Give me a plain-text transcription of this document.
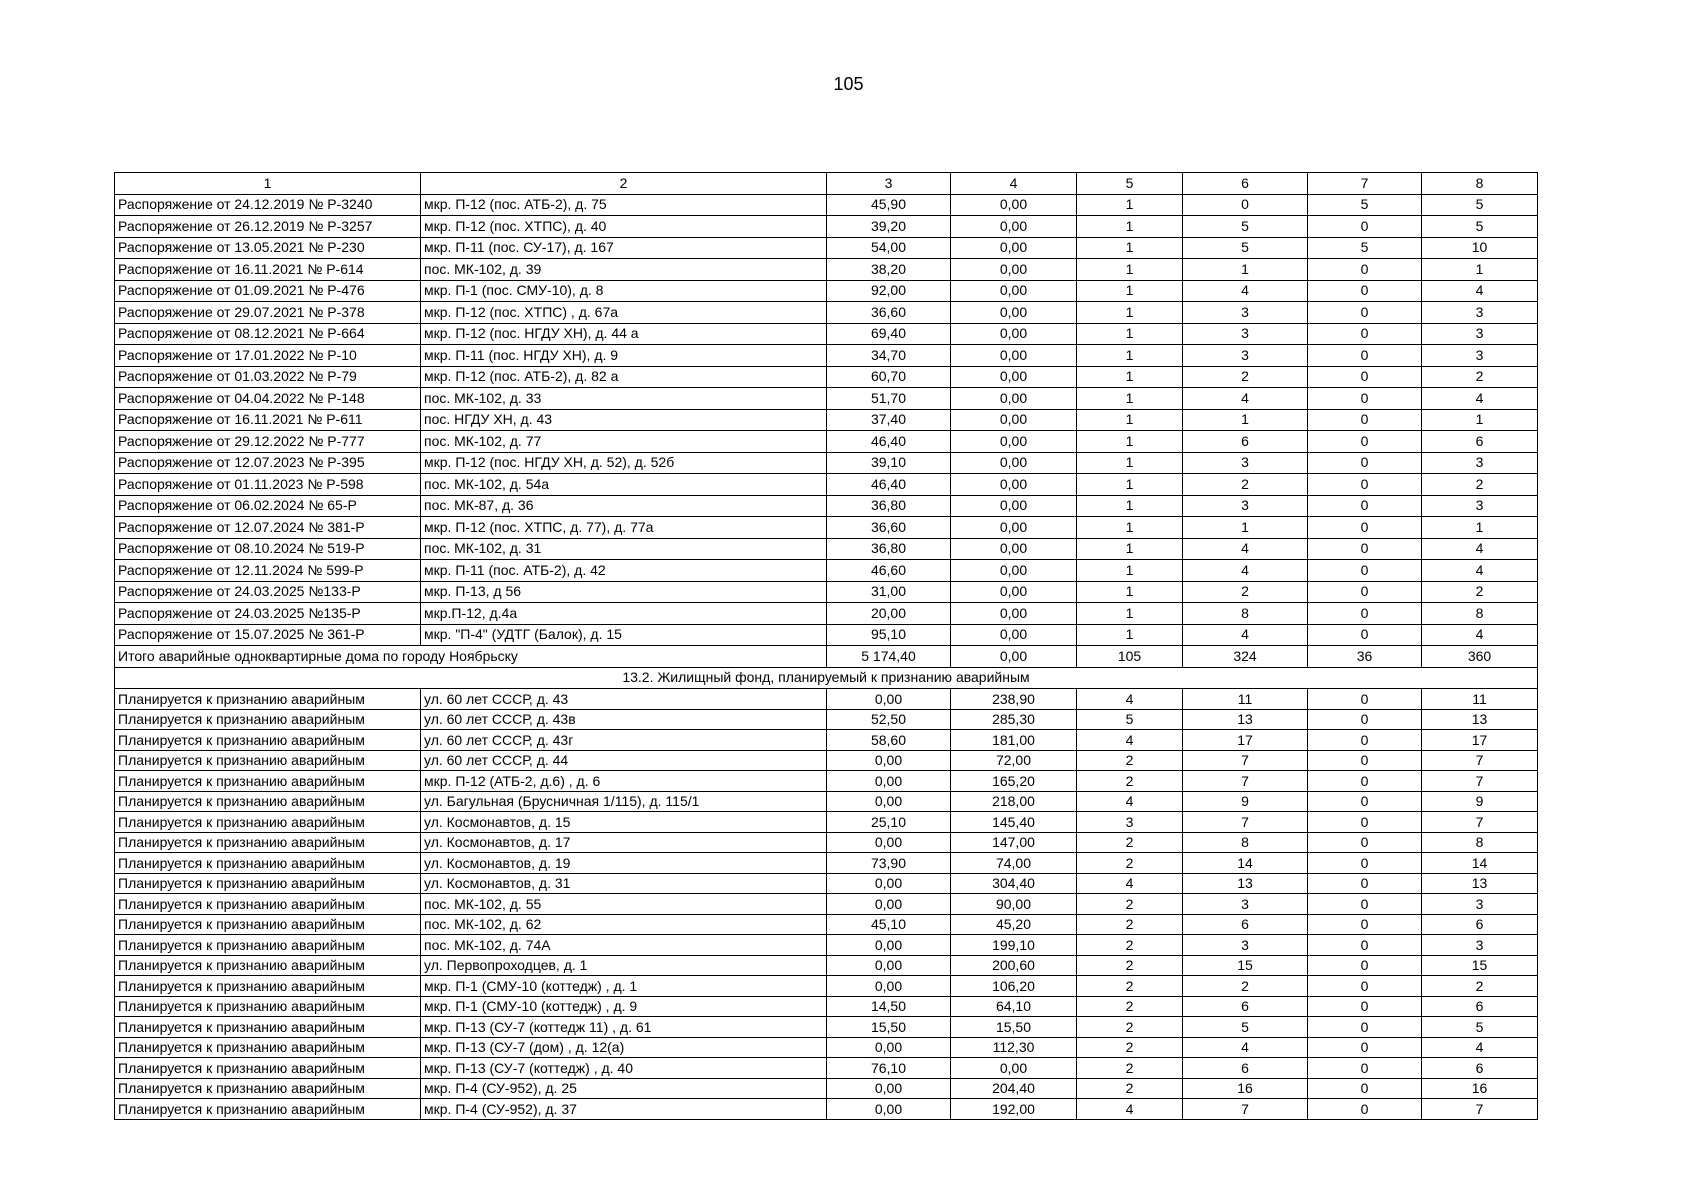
105
1	2	3	4	5	6	7	8
Распоряжение от 24.12.2019 № Р-3240	мкр. П-12 (пос. АТБ-2), д. 75	45,90	0,00	1	0	5	5
Распоряжение от 26.12.2019 № Р-3257	мкр. П-12 (пос. ХТПС), д. 40	39,20	0,00	1	5	0	5
Распоряжение от 13.05.2021 № Р-230	мкр. П-11 (пос. СУ-17), д. 167	54,00	0,00	1	5	5	10
Распоряжение от 16.11.2021 № Р-614	пос. МК-102, д. 39	38,20	0,00	1	1	0	1
Распоряжение от 01.09.2021 № Р-476	мкр. П-1 (пос. СМУ-10), д. 8	92,00	0,00	1	4	0	4
Распоряжение от 29.07.2021 № Р-378	мкр. П-12 (пос. ХТПС) , д. 67а	36,60	0,00	1	3	0	3
Распоряжение от 08.12.2021 № Р-664	мкр. П-12 (пос. НГДУ ХН), д. 44 а	69,40	0,00	1	3	0	3
Распоряжение от 17.01.2022 № Р-10	мкр. П-11 (пос. НГДУ ХН), д. 9	34,70	0,00	1	3	0	3
Распоряжение от 01.03.2022 № Р-79	мкр. П-12 (пос. АТБ-2), д. 82 а	60,70	0,00	1	2	0	2
Распоряжение от 04.04.2022 № Р-148	пос. МК-102, д. 33	51,70	0,00	1	4	0	4
Распоряжение от 16.11.2021 № Р-611	пос. НГДУ ХН, д. 43	37,40	0,00	1	1	0	1
Распоряжение от 29.12.2022 № Р-777	пос. МК-102, д. 77	46,40	0,00	1	6	0	6
Распоряжение от 12.07.2023 № Р-395	мкр. П-12 (пос. НГДУ ХН, д. 52), д. 52б	39,10	0,00	1	3	0	3
Распоряжение от 01.11.2023 № Р-598	пос. МК-102, д. 54а	46,40	0,00	1	2	0	2
Распоряжение от 06.02.2024 № 65-Р	пос. МК-87, д. 36	36,80	0,00	1	3	0	3
Распоряжение от 12.07.2024 № 381-Р	мкр. П-12 (пос. ХТПС, д. 77), д. 77а	36,60	0,00	1	1	0	1
Распоряжение от 08.10.2024 № 519-Р	пос. МК-102, д. 31	36,80	0,00	1	4	0	4
Распоряжение от 12.11.2024 № 599-Р	мкр. П-11 (пос. АТБ-2), д. 42	46,60	0,00	1	4	0	4
Распоряжение от 24.03.2025 №133-Р	мкр. П-13, д 56	31,00	0,00	1	2	0	2
Распоряжение от 24.03.2025 №135-Р	мкр.П-12, д.4а	20,00	0,00	1	8	0	8
Распоряжение от 15.07.2025 № 361-Р	мкр. "П-4" (УДТГ (Балок), д. 15	95,10	0,00	1	4	0	4
Итого аварийные одноквартирные дома по городу Ноябрьску		5 174,40	0,00	105	324	36	360
13.2. Жилищный фонд, планируемый к признанию аварийным							
Планируется к признанию аварийным	ул. 60 лет СССР, д. 43	0,00	238,90	4	11	0	11
Планируется к признанию аварийным	ул. 60 лет СССР, д. 43в	52,50	285,30	5	13	0	13
Планируется к признанию аварийным	ул. 60 лет СССР, д. 43г	58,60	181,00	4	17	0	17
Планируется к признанию аварийным	ул. 60 лет СССР, д. 44	0,00	72,00	2	7	0	7
Планируется к признанию аварийным	мкр. П-12 (АТБ-2, д.6) , д. 6	0,00	165,20	2	7	0	7
Планируется к признанию аварийным	ул. Багульная (Брусничная 1/115), д. 115/1	0,00	218,00	4	9	0	9
Планируется к признанию аварийным	ул. Космонавтов, д. 15	25,10	145,40	3	7	0	7
Планируется к признанию аварийным	ул. Космонавтов, д. 17	0,00	147,00	2	8	0	8
Планируется к признанию аварийным	ул. Космонавтов, д. 19	73,90	74,00	2	14	0	14
Планируется к признанию аварийным	ул. Космонавтов, д. 31	0,00	304,40	4	13	0	13
Планируется к признанию аварийным	пос. МК-102, д. 55	0,00	90,00	2	3	0	3
Планируется к признанию аварийным	пос. МК-102, д. 62	45,10	45,20	2	6	0	6
Планируется к признанию аварийным	пос. МК-102, д. 74А	0,00	199,10	2	3	0	3
Планируется к признанию аварийным	ул. Первопроходцев, д. 1	0,00	200,60	2	15	0	15
Планируется к признанию аварийным	мкр. П-1 (СМУ-10 (коттедж) , д. 1	0,00	106,20	2	2	0	2
Планируется к признанию аварийным	мкр. П-1 (СМУ-10 (коттедж) , д. 9	14,50	64,10	2	6	0	6
Планируется к признанию аварийным	мкр. П-13 (СУ-7 (коттедж 11) , д. 61	15,50	15,50	2	5	0	5
Планируется к признанию аварийным	мкр. П-13 (СУ-7 (дом) , д. 12(а)	0,00	112,30	2	4	0	4
Планируется к признанию аварийным	мкр. П-13 (СУ-7 (коттедж) , д. 40	76,10	0,00	2	6	0	6
Планируется к признанию аварийным	мкр. П-4 (СУ-952), д. 25	0,00	204,40	2	16	0	16
Планируется к признанию аварийным	мкр. П-4 (СУ-952), д. 37	0,00	192,00	4	7	0	7
